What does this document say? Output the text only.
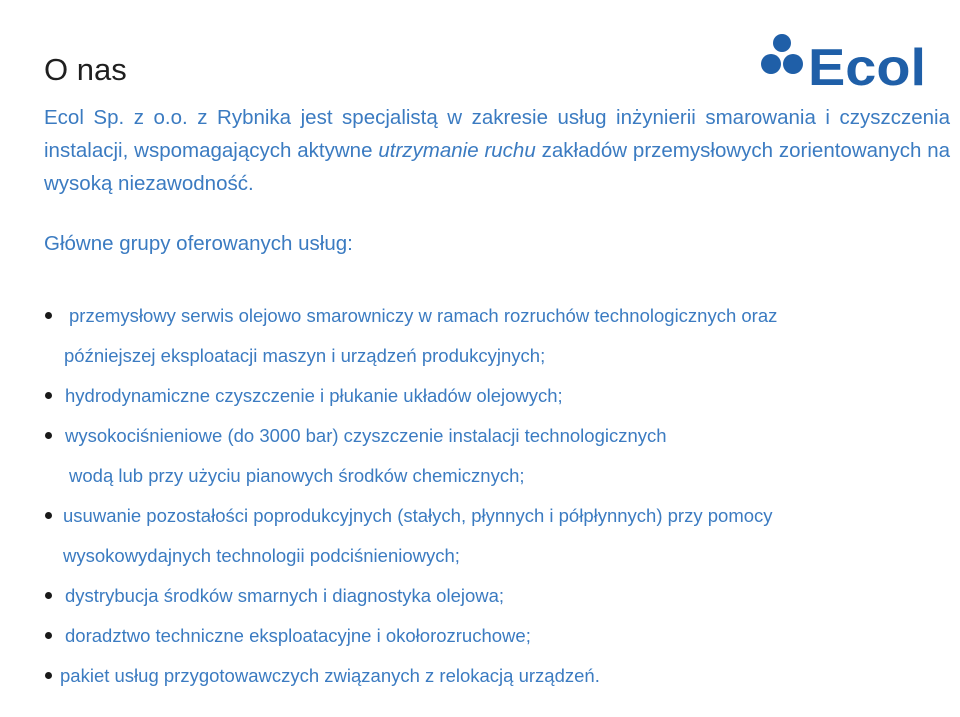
O nas	Ecol

Ecol Sp. z o.o. z Rybnika jest specjalistą w zakresie usług inżynierii smarowania i czyszczenia instalacji, wspomagających aktywne utrzymanie ruchu zakładów przemysłowych zorientowanych na wysoką niezawodność.

Główne grupy oferowanych usług:
przemysłowy serwis olejowo smarowniczy w ramach rozruchów technologicznych oraz
późniejszej eksploatacji maszyn i urządzeń produkcyjnych;
hydrodynamiczne czyszczenie i płukanie układów olejowych;
wysokociśnieniowe (do 3000 bar) czyszczenie instalacji technologicznych
wodą lub przy użyciu pianowych środków chemicznych;
usuwanie pozostałości poprodukcyjnych (stałych, płynnych i półpłynnych) przy pomocy
wysokowydajnych technologii podciśnieniowych;
dystrybucja środków smarnych i diagnostyka olejowa;
doradztwo techniczne eksploatacyjne i okołorozruchowe;
pakiet usług przygotowawczych związanych z relokacją urządzeń.
